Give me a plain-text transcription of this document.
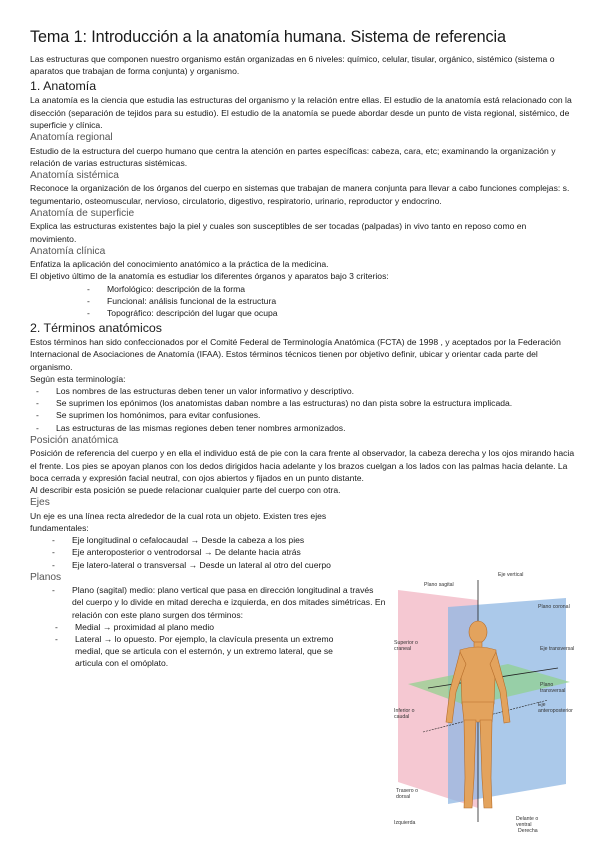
Tema 1: Introducción a la anatomía humana. Sistema de referencia

Las estructuras que componen nuestro organismo están organizadas en 6 niveles: químico, celular, tisular, orgánico, sistémico (sistema o aparatos que trabajan de forma conjunta) y organismo.

1. Anatomía

La anatomía es la ciencia que estudia las estructuras del organismo y la relación entre ellas. El estudio de la anatomía está relacionado con la disección (separación de tejidos para su estudio). El estudio de la anatomía se puede abordar desde un punto de vista regional, sistémico, de superficie y clínica.

Anatomía regional

Estudio de la estructura del cuerpo humano que centra la atención en partes específicas: cabeza, cara, etc; examinando la organización y relación de varias estructuras sistémicas.

Anatomía sistémica

Reconoce la organización de los órganos del cuerpo en sistemas que trabajan de manera conjunta para llevar a cabo funciones complejas: s. tegumentario, osteomuscular, nervioso, circulatorio, digestivo, respiratorio, urinario, reproductor y endocrino.

Anatomía de superficie

Explica las estructuras existentes bajo la piel y cuales son susceptibles de ser tocadas (palpadas) in vivo tanto en reposo como en movimiento.

Anatomía clínica

Enfatiza la aplicación del conocimiento anatómico a la práctica de la medicina.

El objetivo último de la anatomía es estudiar los diferentes órganos y aparatos bajo 3 criterios:

- Morfológico: descripción de la forma
- Funcional: análisis funcional de la estructura
- Topográfico: descripción del lugar que ocupa
2. Términos anatómicos

Estos términos han sido confeccionados por el Comité Federal de Terminología Anatómica (FCTA) de 1998 , y aceptados por la Federación Internacional de Asociaciones de Anatomía (IFAA). Estos términos técnicos tienen por objetivo definir, ubicar y orientar cada parte del organismo.

Según esta terminología:

- Los nombres de las estructuras deben tener un valor informativo y descriptivo.
- Se suprimen los epónimos (los anatomistas daban nombre a las estructuras) no dan pista sobre la estructura implicada.
- Se suprimen los homónimos, para evitar confusiones.
- Las estructuras de las mismas regiones deben tener nombres armonizados.
Posición anatómica

Posición de referencia del cuerpo y en ella el individuo está de pie con la cara frente al observador, la cabeza derecha y los ojos mirando hacia el frente. Los pies se apoyan planos con los dedos dirigidos hacia adelante y los brazos cuelgan a los lados con las palmas hacia delante. La boca cerrada y expresión facial neutral, con ojos abiertos y fijados en un punto distante.

Al describir esta posición se puede relacionar cualquier parte del cuerpo con otra.

Ejes

Un eje es una línea recta alrededor de la cual rota un objeto. Existen tres ejes fundamentales:

- Eje longitudinal o cefalocaudal → Desde la cabeza a los pies
- Eje anteroposterior o ventrodorsal → De delante hacia atrás
- Eje latero-lateral o transversal → Desde un lateral al otro del cuerpo
Planos
- Plano (sagital) medio: plano vertical que pasa en dirección longitudinal a través del cuerpo y lo divide en mitad derecha e izquierda, en dos mitades simétricas. En relación con este plano surgen dos términos:
- Medial → proximidad al plano medio
- Lateral → lo opuesto. Por ejemplo, la clavícula presenta un extremo medial, que se articula con el esternón, y un extremo lateral, que se articula con el omóplato.
Plano sagital
Eje vertical
Plano coronal
Superior o craneal	Eje transversal
Plano transversal
Eje anteroposterior
Inferior o caudal
Trasero o dorsal
Izquierda
Delante o ventral
Derecha
